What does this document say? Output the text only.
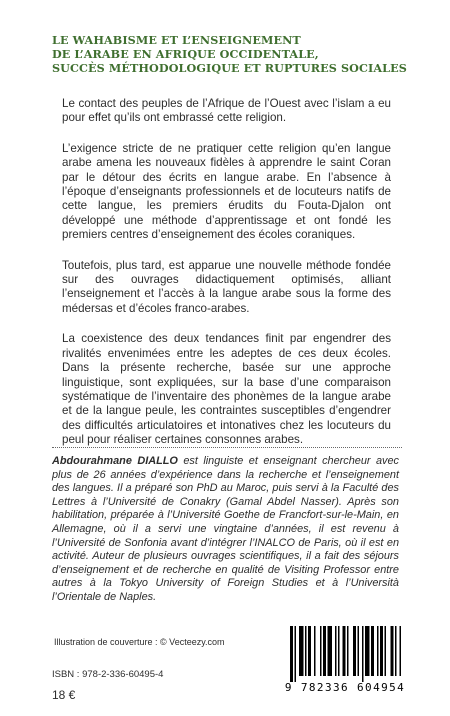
LE WAHABISME ET L’ENSEIGNEMENT
DE L’ARABE EN AFRIQUE OCCIDENTALE,
SUCCÈS MÉTHODOLOGIQUE ET RUPTURES SOCIALES

Le contact des peuples de l’Afrique de l’Ouest avec l’islam a eu pour effet qu’ils ont embrassé cette religion.

L’exigence stricte de ne pratiquer cette religion qu’en langue arabe amena les nouveaux fidèles à apprendre le saint Coran par le détour des écrits en langue arabe. En l’absence à l’époque d’enseignants professionnels et de locuteurs natifs de cette langue, les premiers érudits du Fouta-Djalon ont développé une méthode d’apprentissage et ont fondé les premiers centres d’enseignement des écoles coraniques.

Toutefois, plus tard, est apparue une nouvelle méthode fondée sur des ouvrages didactiquement optimisés, alliant l’enseignement et l’accès à la langue arabe sous la forme des médersas et d’écoles franco-arabes.

La coexistence des deux tendances finit par engendrer des rivalités envenimées entre les adeptes de ces deux écoles. Dans la présente recherche, basée sur une approche linguistique, sont expliquées, sur la base d’une comparaison systématique de l’inventaire des phonèmes de la langue arabe et de la langue peule, les contraintes susceptibles d’engendrer des difficultés articulatoires et intonatives chez les locuteurs du peul pour réaliser certaines consonnes arabes.

Abdourahmane DIALLO est linguiste et enseignant chercheur avec plus de 26 années d’expérience dans la recherche et l’enseignement des langues. Il a préparé son PhD au Maroc, puis servi à la Faculté des Lettres à l’Université de Conakry (Gamal Abdel Nasser). Après son habilitation, préparée à l’Université Goethe de Francfort-sur-le-Main, en Allemagne, où il a servi une vingtaine d’années, il est revenu à l’Université de Sonfonia avant d’intégrer l’INALCO de Paris, où il est en activité. Auteur de plusieurs ouvrages scientifiques, il a fait des séjours d’enseignement et de recherche en qualité de Visiting Professor entre autres à la Tokyo University of Foreign Studies et à l’Università l’Orientale de Naples.
Illustration de couverture : © Vecteezy.com
ISBN : 978-2-336-60495-4
18 €
9 782336 604954
